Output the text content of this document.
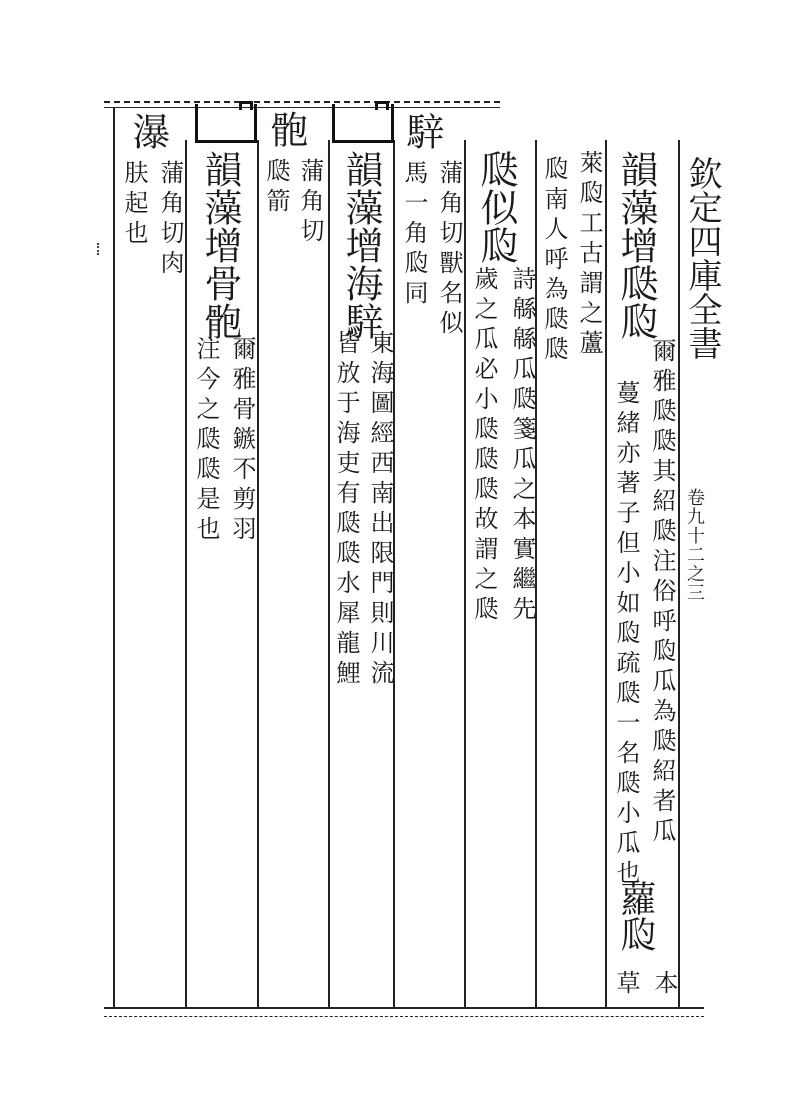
欽定四庫全書
卷九十二之三
韻藻增瓞瓝
爾雅瓞瓞其紹瓞注俗呼瓝瓜為瓞紹者瓜
蔓緒亦著子但小如瓝疏瓞一名瓞小瓜也
蘿瓝
本
草
萊瓝工古謂之蘆
瓝南人呼為瓞瓞
瓞似瓝
詩緜緜瓜瓞箋瓜之本實繼先
歲之瓜必小瓞瓞瓞故謂之瓞
騂
蒲角切獸名似
馬一角瓝同
韻藻增海騂
東海圖經西南出限門則川流
皆放于海吏有瓞瓞水犀龍鯉
骲
蒲角切
瓞箭
韻藻增骨骲
爾雅骨鏃不剪羽
注今之瓞瓞是也
瀑
蒲角切肉
肤起也
